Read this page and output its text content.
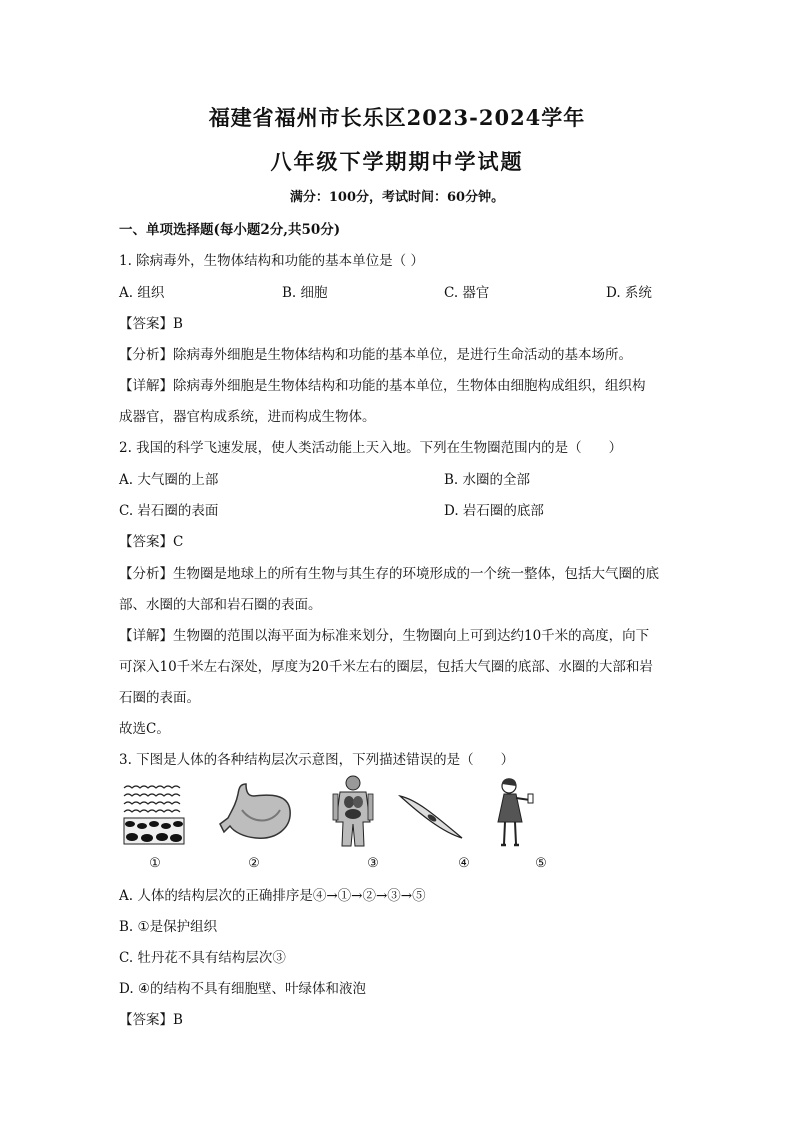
福建省福州市长乐区2023-2024学年
八年级下学期期中学试题
满分：100分，考试时间：60分钟。
一、单项选择题(每小题2分,共50分)
1. 除病毒外，生物体结构和功能的基本单位是（ ）
A. 组织	B. 细胞	C. 器官	D. 系统
【答案】B
【分析】除病毒外细胞是生物体结构和功能的基本单位，是进行生命活动的基本场所。
【详解】除病毒外细胞是生物体结构和功能的基本单位，生物体由细胞构成组织，组织构
成器官，器官构成系统，进而构成生物体。
2. 我国的科学飞速发展，使人类活动能上天入地。下列在生物圈范围内的是（　　）
A. 大气圈的上部	B. 水圈的全部
C. 岩石圈的表面	D. 岩石圈的底部
【答案】C
【分析】生物圈是地球上的所有生物与其生存的环境形成的一个统一整体，包括大气圈的底
部、水圈的大部和岩石圈的表面。
【详解】生物圈的范围以海平面为标准来划分，生物圈向上可到达约10千米的高度，向下
可深入10千米左右深处，厚度为20千米左右的圈层，包括大气圈的底部、水圈的大部和岩
石圈的表面。
故选C。
3. 下图是人体的各种结构层次示意图，下列描述错误的是（　　）
①	②	③	④	⑤
A. 人体的结构层次的正确排序是④→①→②→③→⑤
B. ①是保护组织
C. 牡丹花不具有结构层次③
D. ④的结构不具有细胞壁、叶绿体和液泡
【答案】B
